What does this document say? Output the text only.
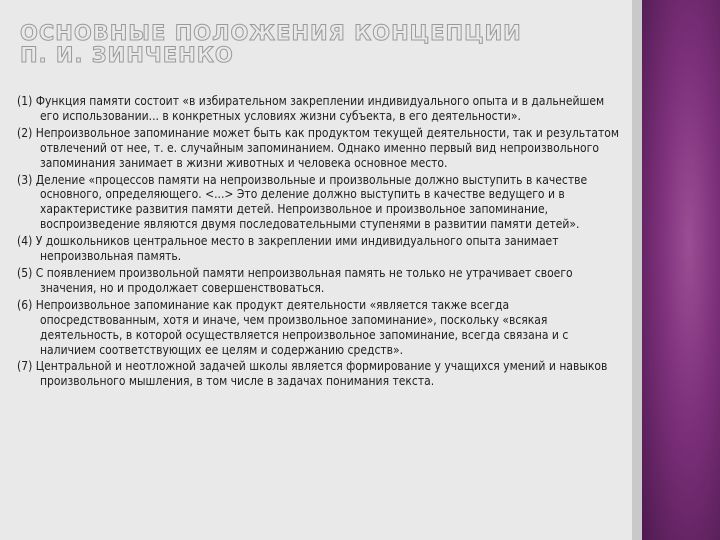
ОСНОВНЫЕ ПОЛОЖЕНИЯ КОНЦЕПЦИИ
П. И. ЗИНЧЕНКО
(1) Функция памяти состоит «в избирательном закреплении индивидуального опыта и в дальнейшем его использовании... в конкретных условиях жизни субъекта, в его деятельности».
(2) Непроизвольное запоминание может быть как продуктом текущей деятельности, так и результатом отвлечений от нее, т. е. случайным запоминанием. Однако именно первый вид непроизвольного запоминания занимает в жизни животных и человека основное место.
(3) Деление «процессов памяти на непроизвольные и произвольные должно выступить в качестве основного, определяющего. <...> Это деление должно выступить в качестве ведущего и в характеристике развития памяти детей. Непроизвольное и произвольное запоминание, воспроизведение являются двумя последовательными ступенями в развитии памяти детей».
(4) У дошкольников центральное место в закреплении ими индивидуального опыта занимает непроизвольная память.
(5) С появлением произвольной памяти непроизвольная память не только не утрачивает своего значения, но и продолжает совершенствоваться.
(6) Непроизвольное запоминание как продукт деятельности «является также всегда опосредствованным, хотя и иначе, чем произвольное запоминание», поскольку «всякая деятельность, в которой осуществляется непроизвольное запоминание, всегда связана и с наличием соответствующих ее целям и содержанию средств».
(7) Центральной и неотложной задачей школы является формирование у учащихся умений и навыков произвольного мышления, в том числе в задачах понимания текста.
